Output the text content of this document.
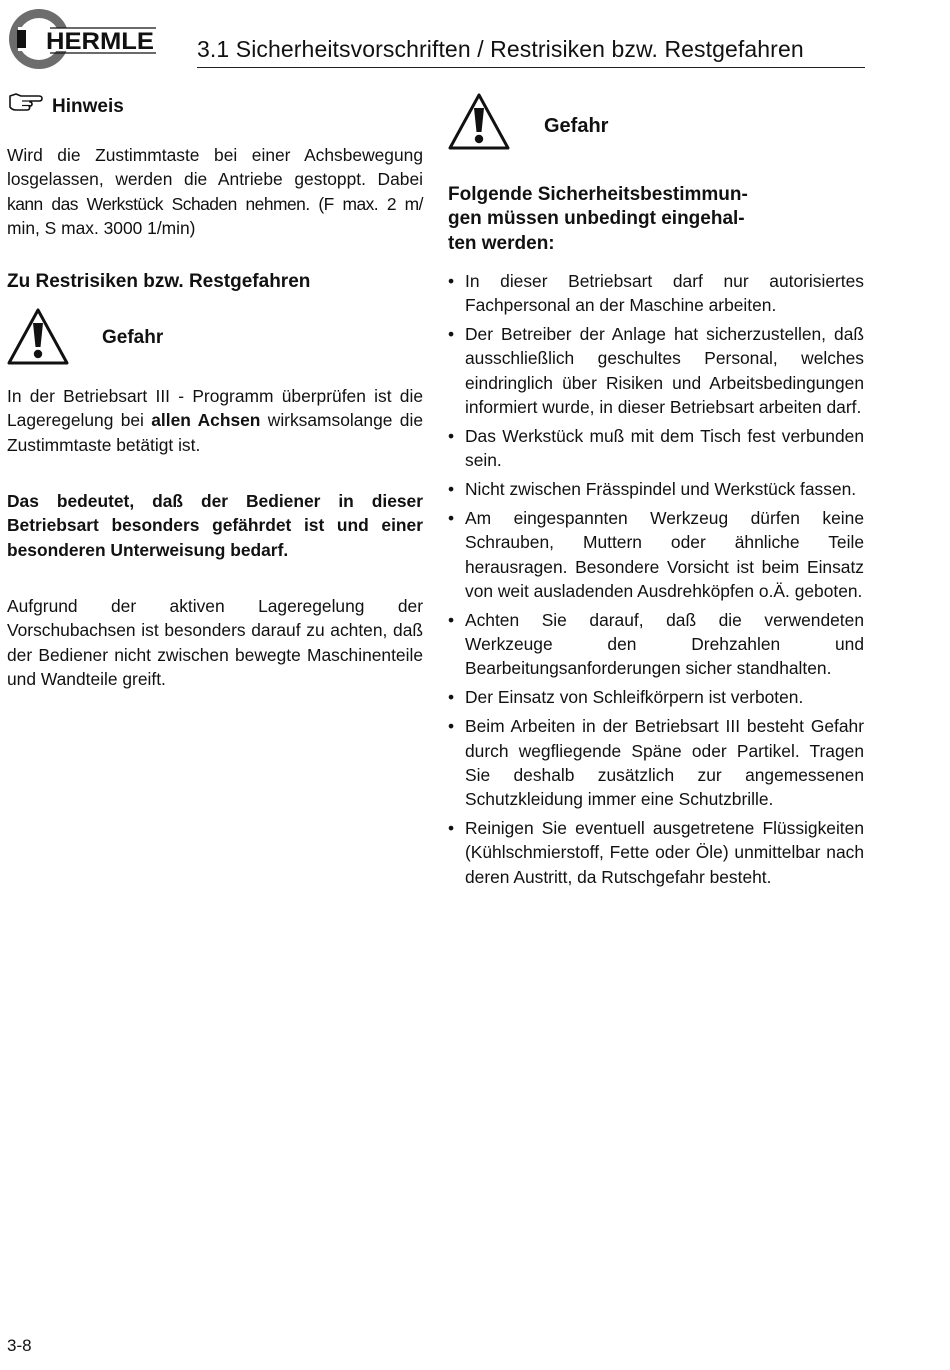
HERMLE 3.1 Sicherheitsvorschriften / Restrisiken bzw. Restgefahren
Hinweis
Wird die Zustimmtaste bei einer Achsbewegung
losgelassen, werden die Antriebe gestoppt. Dabei
kann das Werkstück Schaden nehmen. (F max. 2 m/
min, S max. 3000 1/min)
Zu Restrisiken bzw. Restgefahren
Gefahr
In der Betriebsart III - Programm überprüfen ist die Lageregelung bei allen Achsen wirksamsolange die Zustimmtaste betätigt ist.
Das bedeutet, daß der Bediener in dieser Betriebsart besonders gefährdet ist und einer besonderen Unterweisung bedarf.
Aufgrund der aktiven Lageregelung der Vorschubachsen ist besonders darauf zu achten, daß der Bediener nicht zwischen bewegte Maschinenteile und Wandteile greift.
Gefahr
Folgende Sicherheitsbestimmun-
gen müssen unbedingt eingehal-
ten werden:
• In dieser Betriebsart darf nur autorisiertes Fachpersonal an der Maschine arbeiten.
• Der Betreiber der Anlage hat sicherzustellen, daß ausschließlich geschultes Personal, welches eindringlich über Risiken und Arbeitsbedingungen informiert wurde, in dieser Betriebsart arbeiten darf.
• Das Werkstück muß mit dem Tisch fest verbunden sein.
• Nicht zwischen Frässpindel und Werkstück fassen.
• Am eingespannten Werkzeug dürfen keine Schrauben, Muttern oder ähnliche Teile herausragen. Besondere Vorsicht ist beim Einsatz von weit ausladenden Ausdrehköpfen o.Ä. geboten.
• Achten Sie darauf, daß die verwendeten Werkzeuge den Drehzahlen und Bearbeitungsanforderungen sicher standhalten.
• Der Einsatz von Schleifkörpern ist verboten.
• Beim Arbeiten in der Betriebsart III besteht Gefahr durch wegfliegende Späne oder Partikel. Tragen Sie deshalb zusätzlich zur angemessenen Schutzkleidung immer eine Schutzbrille.
• Reinigen Sie eventuell ausgetretene Flüssigkeiten (Kühlschmierstoff, Fette oder Öle) unmittelbar nach deren Austritt, da Rutschgefahr besteht.
3-8
